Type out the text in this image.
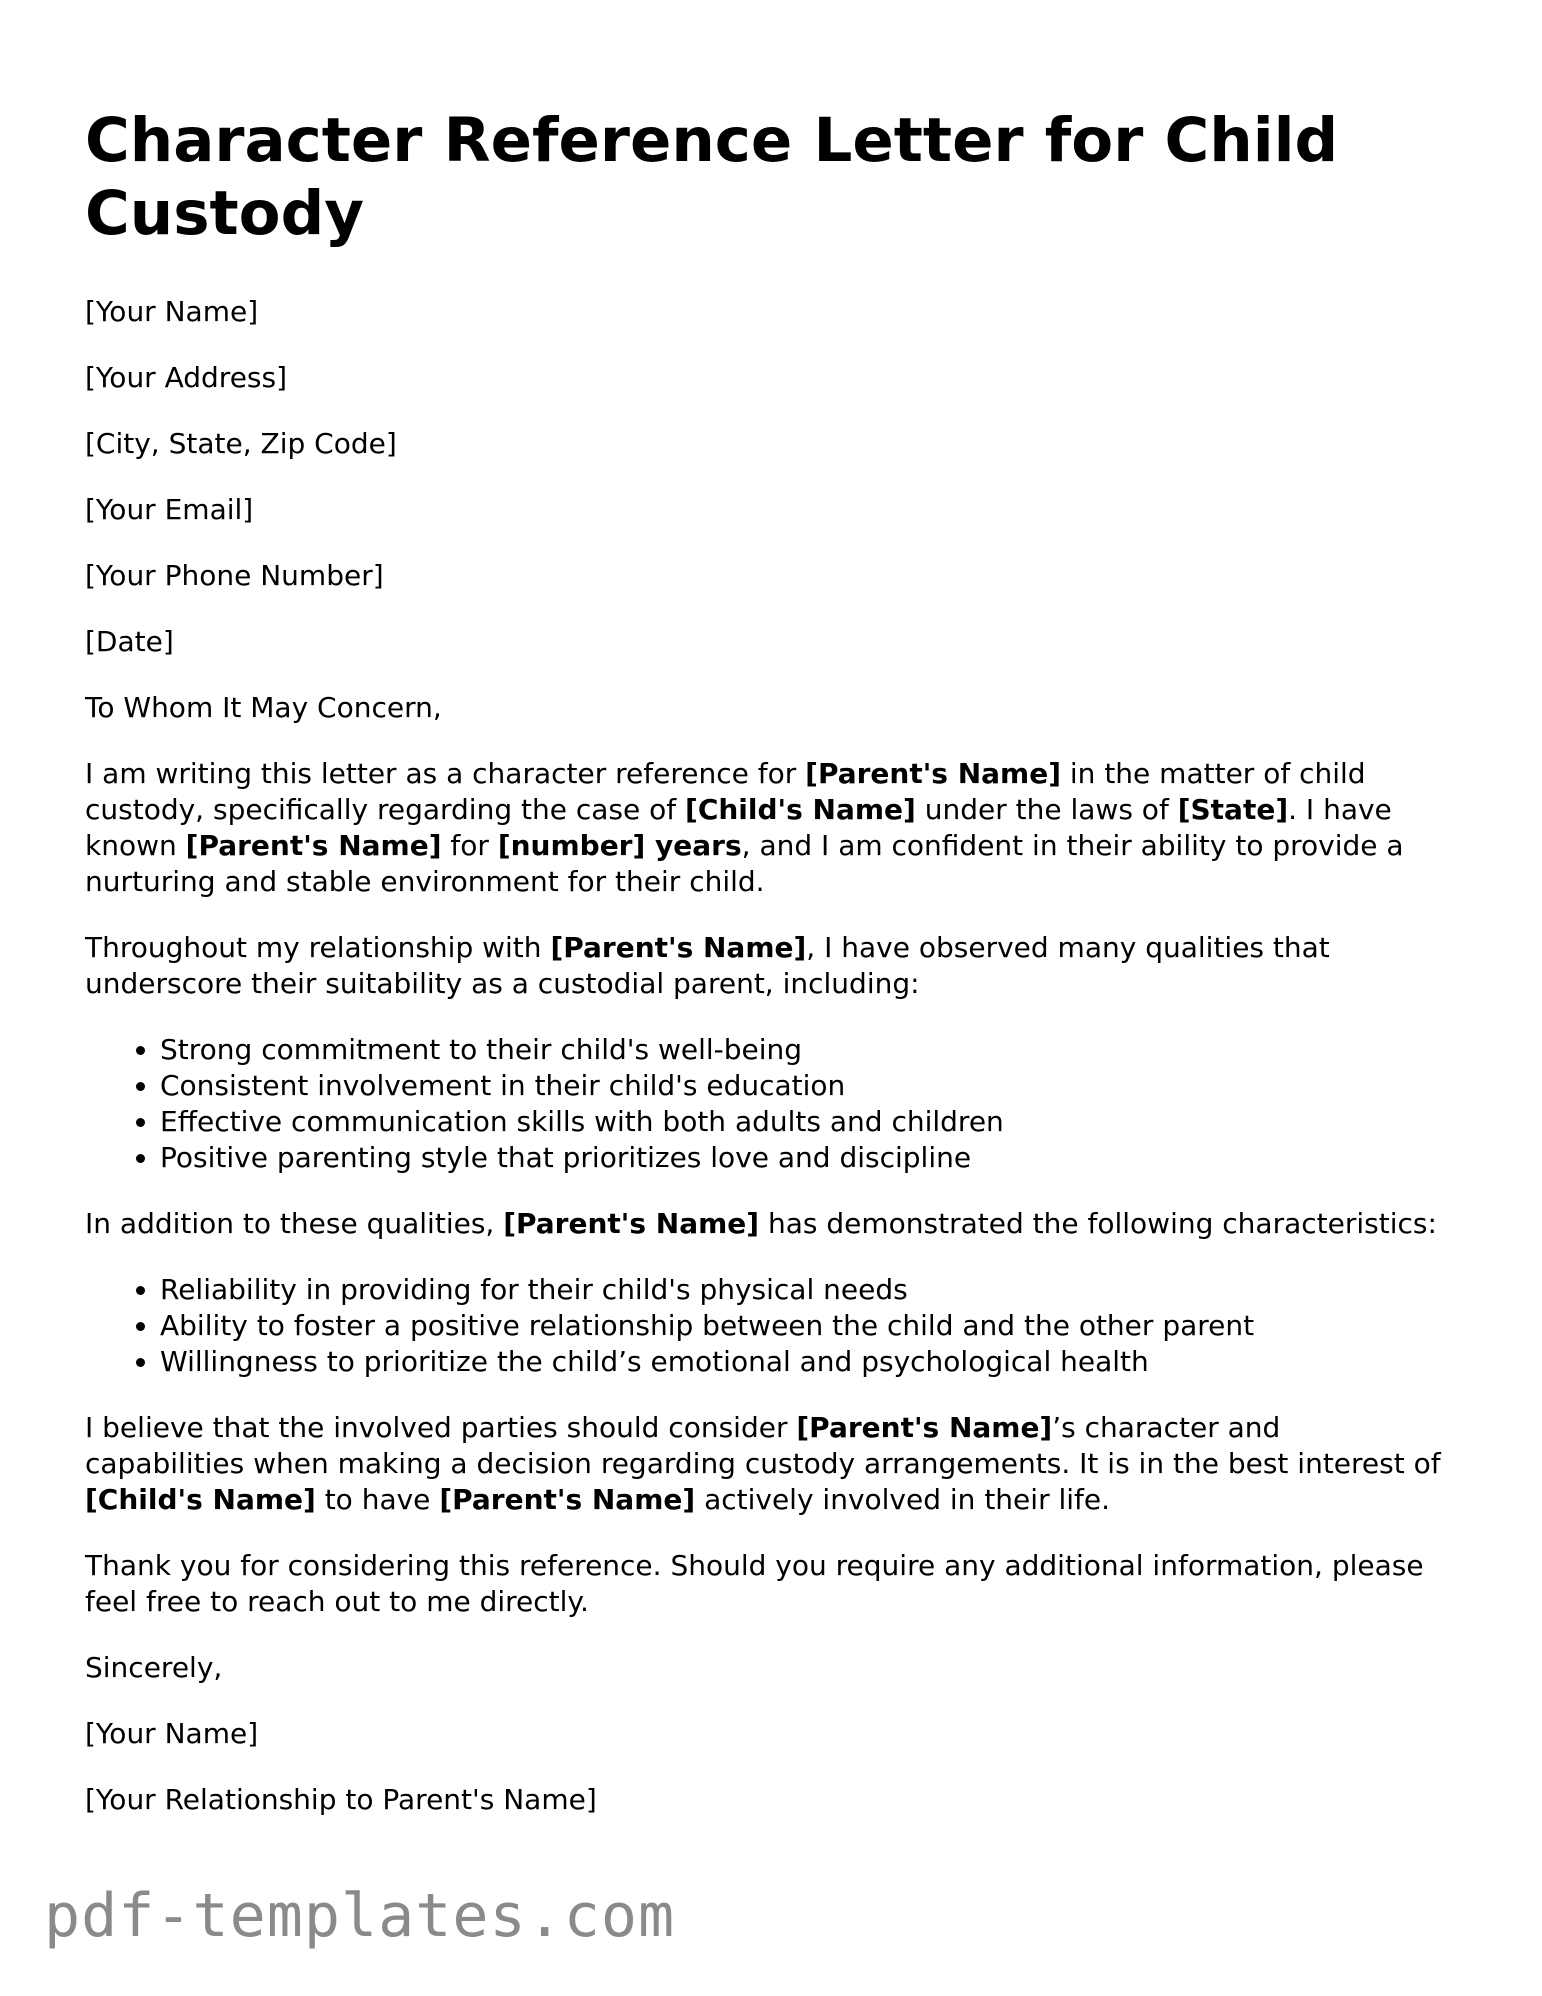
Character Reference Letter for Child Custody
[Your Name]
[Your Address]
[City, State, Zip Code]
[Your Email]
[Your Phone Number]
[Date]

To Whom It May Concern,

I am writing this letter as a character reference for [Parent's Name] in the matter of child custody, specifically regarding the case of [Child's Name] under the laws of [State]. I have known [Parent's Name] for [number] years, and I am confident in their ability to provide a nurturing and stable environment for their child.

Throughout my relationship with [Parent's Name], I have observed many qualities that underscore their suitability as a custodial parent, including:

• Strong commitment to their child's well-being
• Consistent involvement in their child's education
• Effective communication skills with both adults and children
• Positive parenting style that prioritizes love and discipline

In addition to these qualities, [Parent's Name] has demonstrated the following characteristics:

• Reliability in providing for their child's physical needs
• Ability to foster a positive relationship between the child and the other parent
• Willingness to prioritize the child’s emotional and psychological health

I believe that the involved parties should consider [Parent's Name]’s character and capabilities when making a decision regarding custody arrangements. It is in the best interest of [Child's Name] to have [Parent's Name] actively involved in their life.

Thank you for considering this reference. Should you require any additional information, please feel free to reach out to me directly.

Sincerely,

[Your Name]

[Your Relationship to Parent's Name]

pdf-templates.com
